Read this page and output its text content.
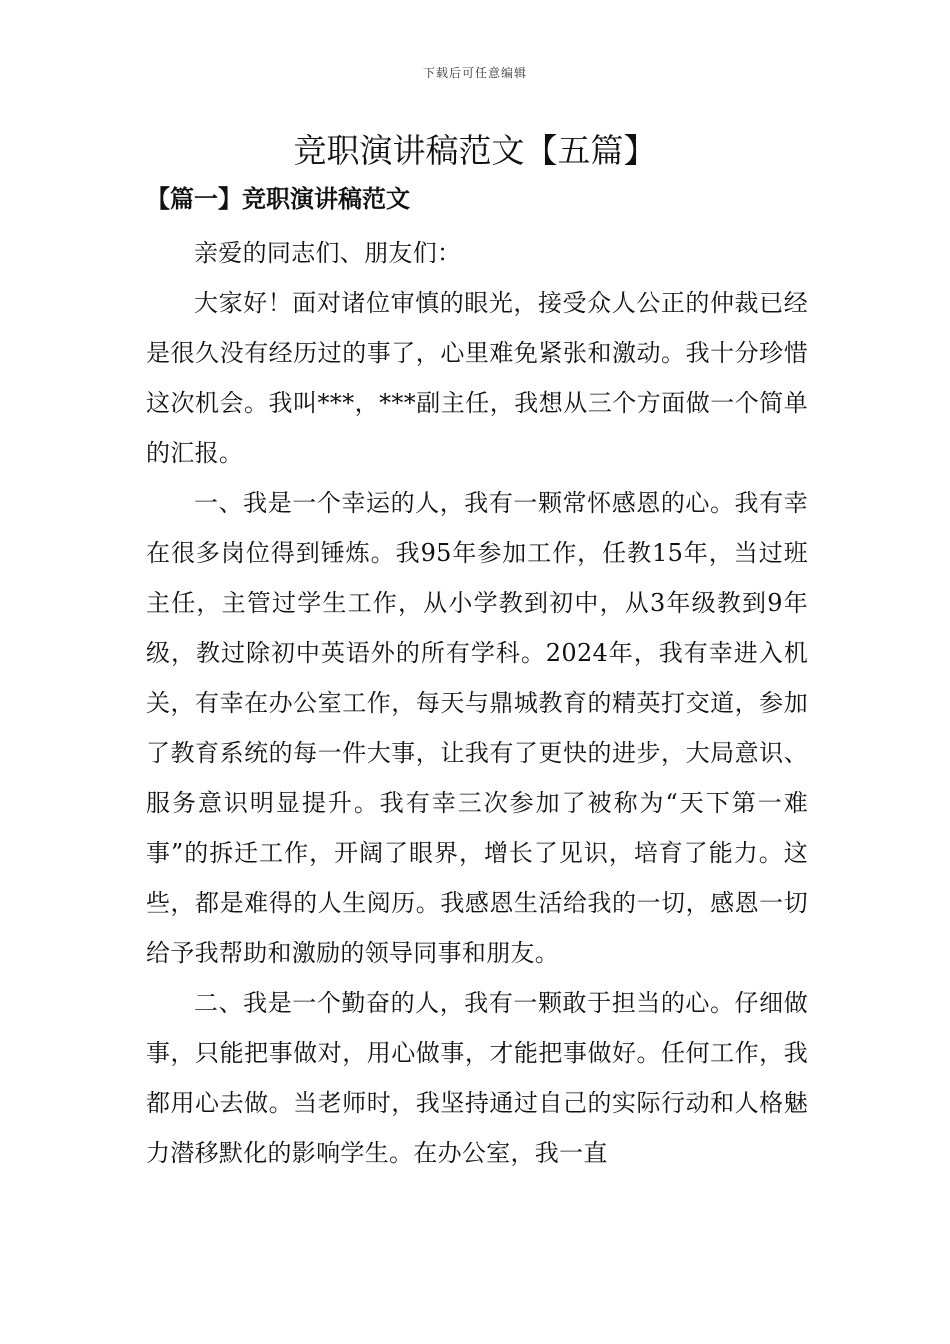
下载后可任意编辑
竞职演讲稿范文【五篇】
【篇一】竞职演讲稿范文

亲爱的同志们、朋友们：

大家好！面对诸位审慎的眼光，接受众人公正的仲裁已经是很久没有经历过的事了，心里难免紧张和激动。我十分珍惜这次机会。我叫***，***副主任，我想从三个方面做一个简单的汇报。

一、我是一个幸运的人，我有一颗常怀感恩的心。我有幸在很多岗位得到锤炼。我95年参加工作，任教15年，当过班主任，主管过学生工作，从小学教到初中，从3年级教到9年级，教过除初中英语外的所有学科。2024年，我有幸进入机关，有幸在办公室工作，每天与鼎城教育的精英打交道，参加了教育系统的每一件大事，让我有了更快的进步，大局意识、服务意识明显提升。我有幸三次参加了被称为“天下第一难事”的拆迁工作，开阔了眼界，增长了见识，培育了能力。这些，都是难得的人生阅历。我感恩生活给我的一切，感恩一切给予我帮助和激励的领导同事和朋友。

二、我是一个勤奋的人，我有一颗敢于担当的心。仔细做事，只能把事做对，用心做事，才能把事做好。任何工作，我都用心去做。当老师时，我坚持通过自己的实际行动和人格魅力潜移默化的影响学生。在办公室，我一直
